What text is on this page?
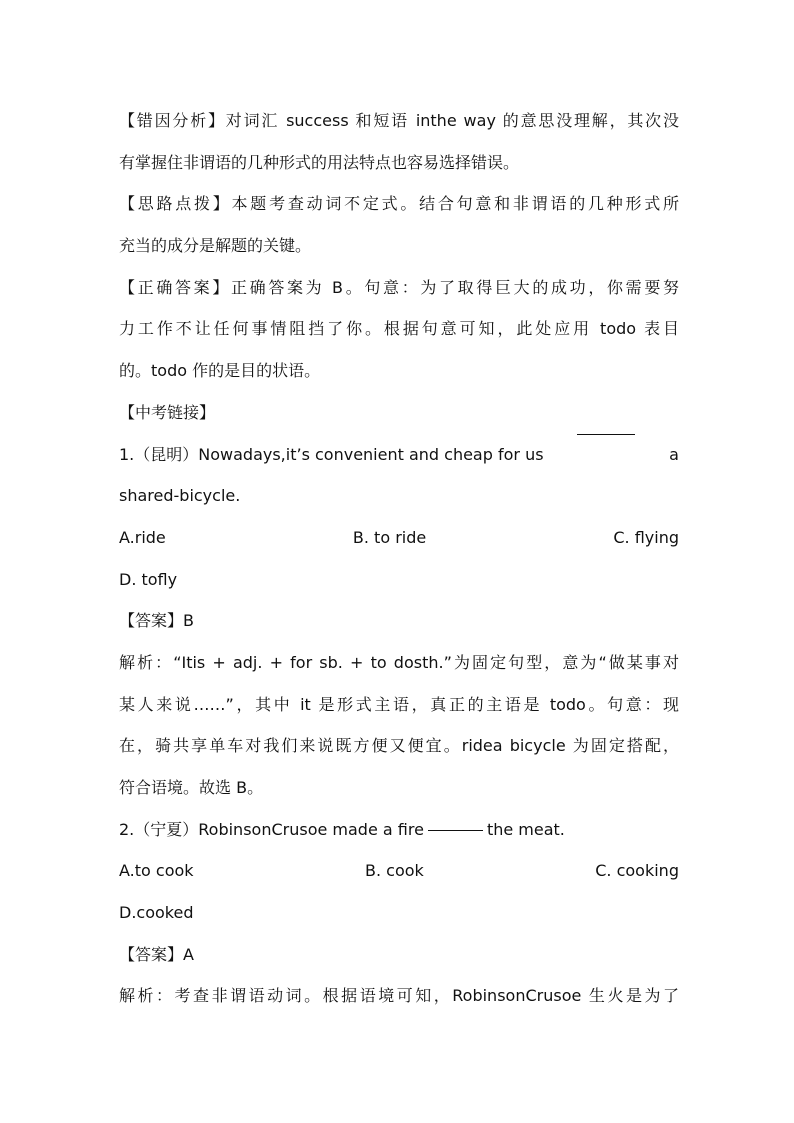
【错因分析】对词汇 success 和短语 inthe way 的意思没理解，其次没
有掌握住非谓语的几种形式的用法特点也容易选择错误。
【思路点拨】本题考查动词不定式。结合句意和非谓语的几种形式所
充当的成分是解题的关键。
【正确答案】正确答案为 B。句意：为了取得巨大的成功，你需要努
力工作不让任何事情阻挡了你。根据句意可知，此处应用 todo 表目
的。todo 作的是目的状语。
【中考链接】
1.（昆明）Nowadays,it’s convenient and cheap for us	a
shared-bicycle.
A.ride	B. to ride	C. flying
D. tofly
【答案】B
解析：“Itis + adj. + for sb. + to dosth.”为固定句型，意为“做某事对
某人来说……”，其中 it 是形式主语，真正的主语是 todo。句意：现
在，骑共享单车对我们来说既方便又便宜。ridea bicycle 为固定搭配，
符合语境。故选 B。
2.（宁夏）RobinsonCrusoe made a fire	the meat.
A.to cook	B. cook	C. cooking
D.cooked
【答案】A
解析：考查非谓语动词。根据语境可知，RobinsonCrusoe 生火是为了
